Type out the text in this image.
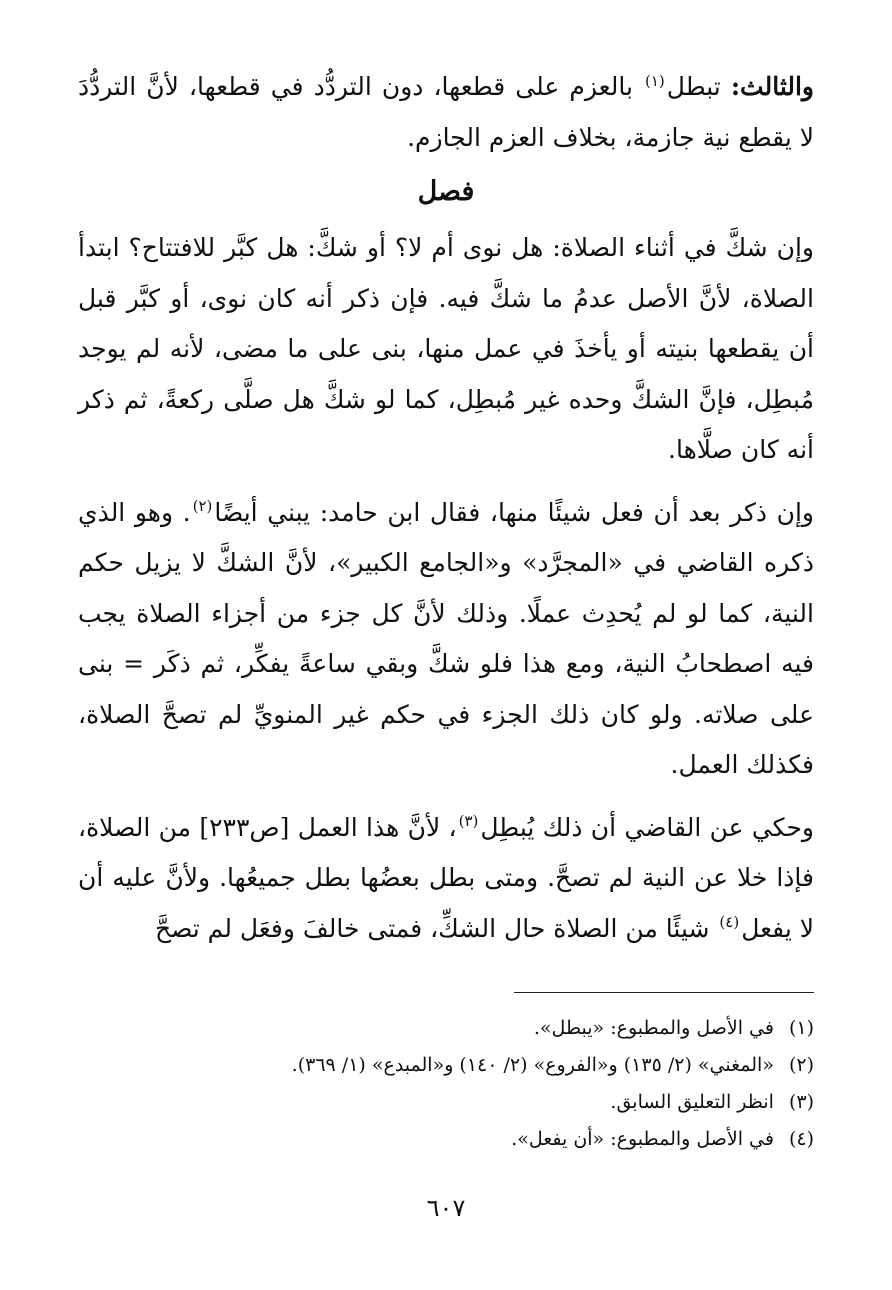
والثالث: تبطل$^{(١)}$ بالعزم على قطعها، دون التردُّد في قطعها، لأنَّ التردُّدَ لا يقطع نية جازمة، بخلاف العزم الجازم.

فصل

وإن شكَّ في أثناء الصلاة: هل نوى أم لا؟ أو شكَّ: هل كبَّر للافتتاح؟ ابتدأ الصلاة، لأنَّ الأصل عدمُ ما شكَّ فيه. فإن ذكر أنه كان نوى، أو كبَّر قبل أن يقطعها بنيته أو يأخذَ في عمل منها، بنى على ما مضى، لأنه لم يوجد مُبطِل، فإنَّ الشكَّ وحده غير مُبطِل، كما لو شكَّ هل صلَّى ركعةً، ثم ذكر أنه كان صلَّاها.

وإن ذكر بعد أن فعل شيئًا منها، فقال ابن حامد: يبني أيضًا$^{(٢)}$. وهو الذي ذكره القاضي في «المجرَّد» و«الجامع الكبير»، لأنَّ الشكَّ لا يزيل حكم النية، كما لو لم يُحدِث عملًا. وذلك لأنَّ كل جزء من أجزاء الصلاة يجب فيه اصطحابُ النية، ومع هذا فلو شكَّ وبقي ساعةً يفكِّر، ثم ذكَر = بنى على صلاته. ولو كان ذلك الجزء في حكم غير المنويِّ لم تصحَّ الصلاة، فكذلك العمل.

وحكي عن القاضي أن ذلك يُبطِل$^{(٣)}$، لأنَّ هذا العمل [ص٢٣٣] من الصلاة، فإذا خلا عن النية لم تصحَّ. ومتى بطل بعضُها بطل جميعُها. ولأنَّ عليه أن لا يفعل$^{(٤)}$ شيئًا من الصلاة حال الشكِّ، فمتى خالفَ وفعَل لم تصحَّ

(١) في الأصل والمطبوع: «يبطل».

(٢) «المغني» (٢/ ١٣٥) و«الفروع» (٢/ ١٤٠) و«المبدع» (١/ ٣٦٩).

(٣) انظر التعليق السابق.

(٤) في الأصل والمطبوع: «أن يفعل».

٦٠٧
